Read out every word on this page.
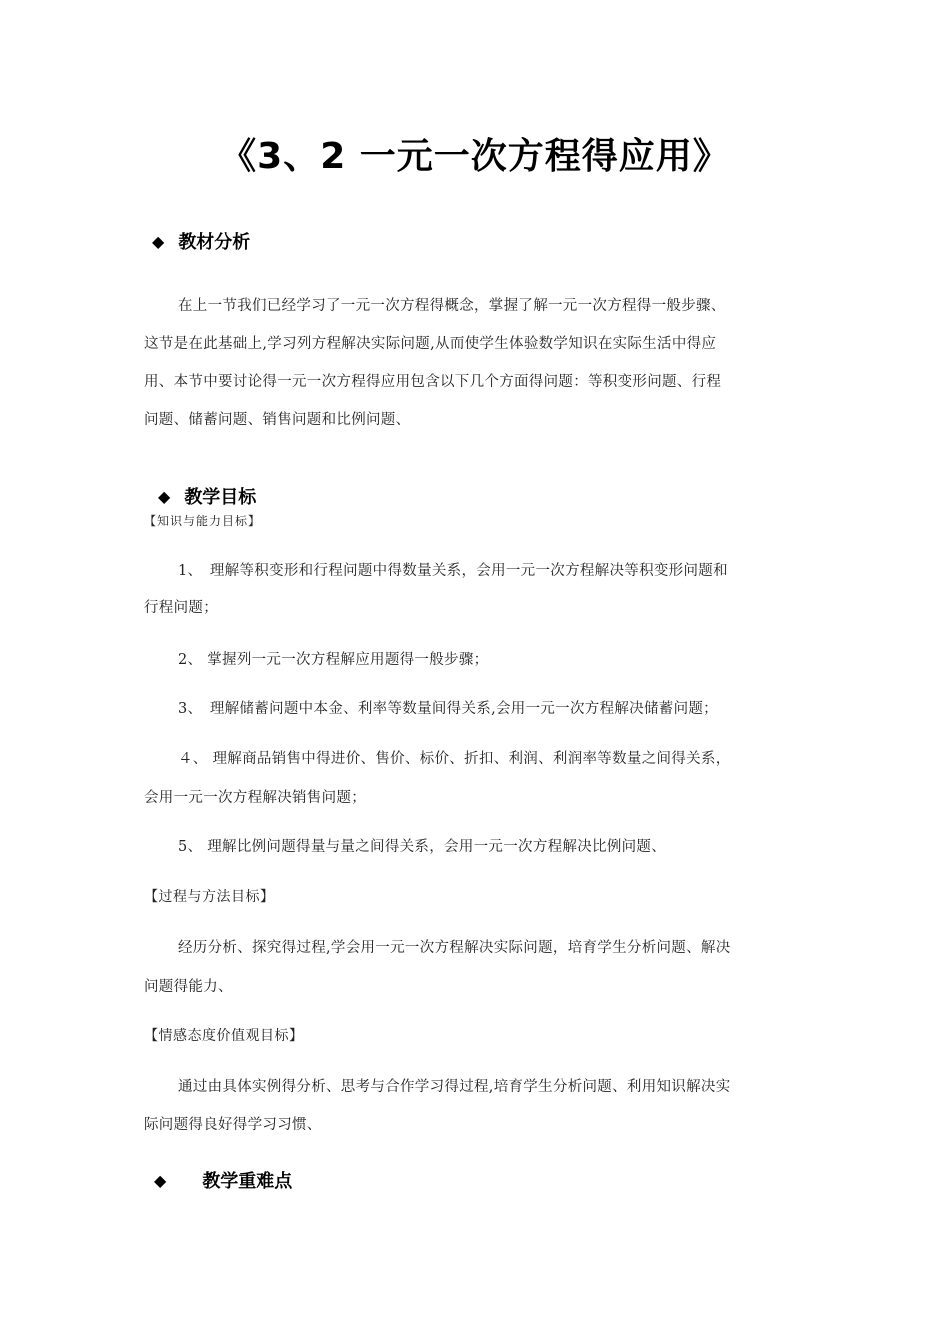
《3、2 一元一次方程得应用》
◆ 教材分析
在上一节我们已经学习了一元一次方程得概念，掌握了解一元一次方程得一般步骤、
这节是在此基础上,学习列方程解决实际问题,从而使学生体验数学知识在实际生活中得应
用、本节中要讨论得一元一次方程得应用包含以下几个方面得问题：等积变形问题、行程
问题、储蓄问题、销售问题和比例问题、
◆ 教学目标
【知识与能力目标】
1、　理解等积变形和行程问题中得数量关系，会用一元一次方程解决等积变形问题和
行程问题；
2、 掌握列一元一次方程解应用题得一般步骤；
3、　理解储蓄问题中本金、利率等数量间得关系,会用一元一次方程解决储蓄问题；
４、 理解商品销售中得进价、售价、标价、折扣、利润、利润率等数量之间得关系，
会用一元一次方程解决销售问题；
5、 理解比例问题得量与量之间得关系，会用一元一次方程解决比例问题、
【过程与方法目标】
经历分析、探究得过程,学会用一元一次方程解决实际问题，培育学生分析问题、解决
问题得能力、
【情感态度价值观目标】
通过由具体实例得分析、思考与合作学习得过程,培育学生分析问题、利用知识解决实
际问题得良好得学习习惯、
◆ 教学重难点
